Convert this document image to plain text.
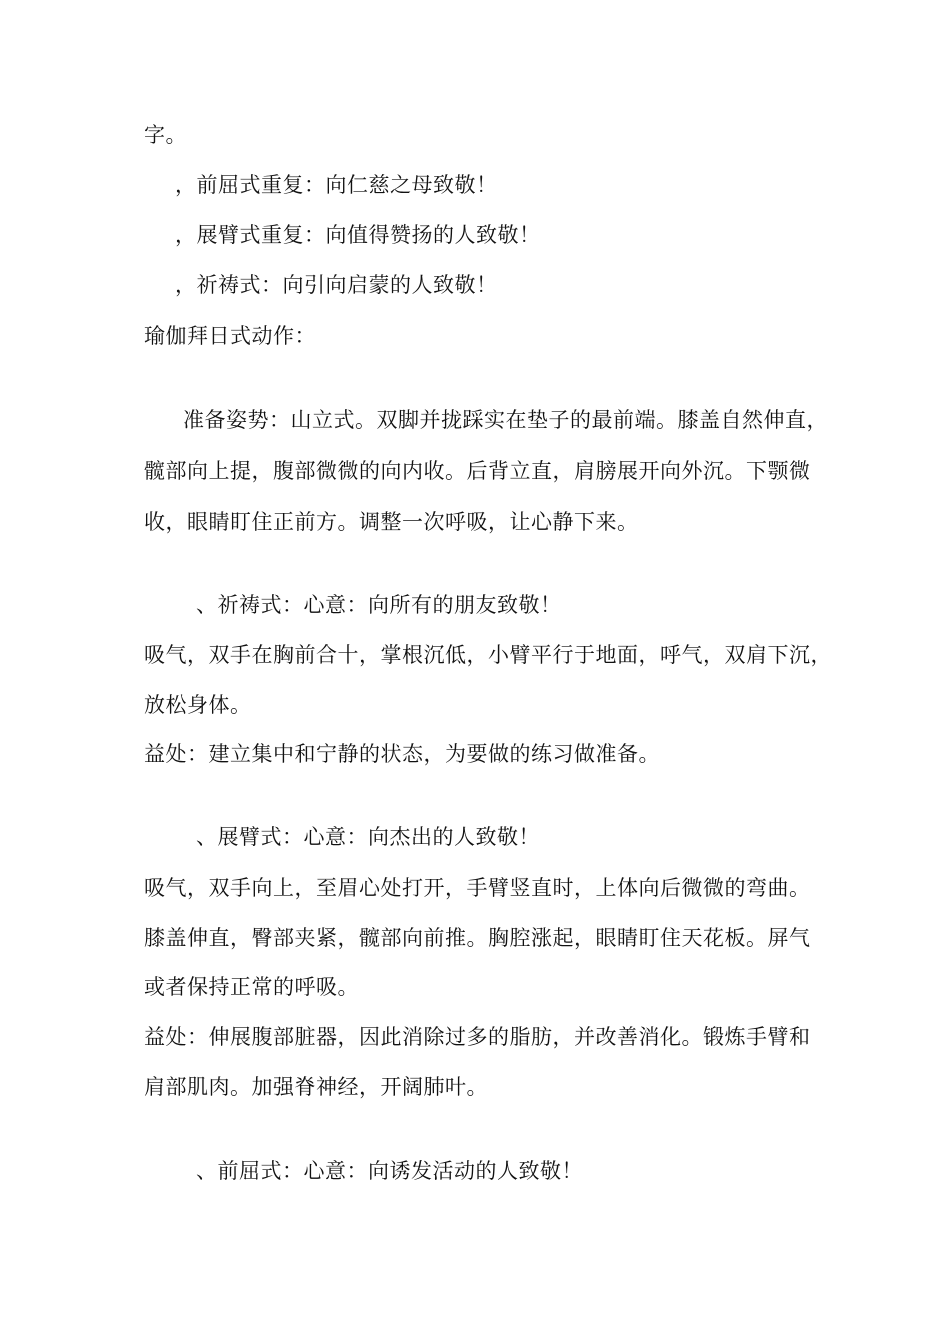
字。
，前屈式重复：向仁慈之母致敬！
，展臂式重复：向值得赞扬的人致敬！
，祈祷式：向引向启蒙的人致敬！
瑜伽拜日式动作：
准备姿势：山立式。双脚并拢踩实在垫子的最前端。膝盖自然伸直，
髋部向上提，腹部微微的向内收。后背立直，肩膀展开向外沉。下颚微
收，眼睛盯住正前方。调整一次呼吸，让心静下来。
、祈祷式：心意：向所有的朋友致敬！
吸气，双手在胸前合十，掌根沉低，小臂平行于地面，呼气，双肩下沉，
放松身体。
益处：建立集中和宁静的状态，为要做的练习做准备。
、展臂式：心意：向杰出的人致敬！
吸气，双手向上，至眉心处打开，手臂竖直时，上体向后微微的弯曲。
膝盖伸直，臀部夹紧，髋部向前推。胸腔涨起，眼睛盯住天花板。屏气
或者保持正常的呼吸。
益处：伸展腹部脏器，因此消除过多的脂肪，并改善消化。锻炼手臂和
肩部肌肉。加强脊神经，开阔肺叶。
、前屈式：心意：向诱发活动的人致敬！
